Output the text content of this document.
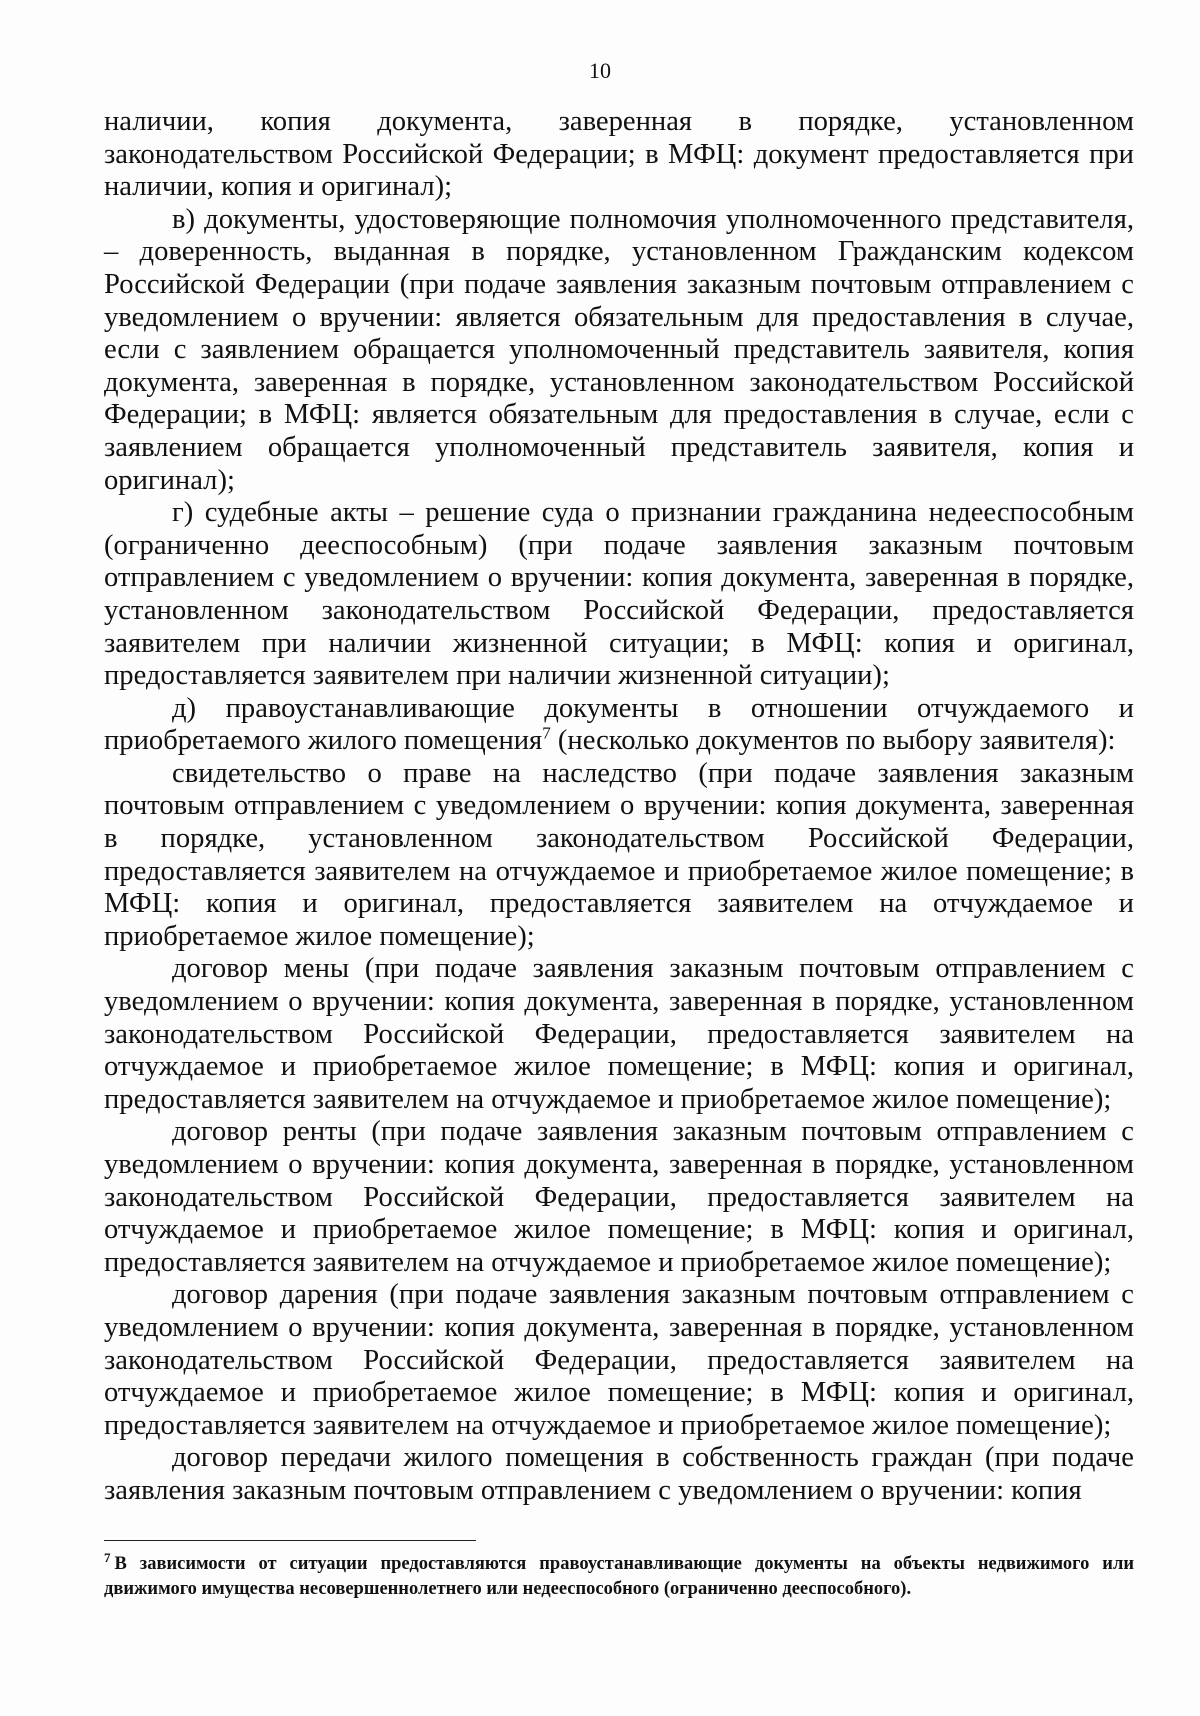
10

наличии, копия документа, заверенная в порядке, установленном законодательством Российской Федерации; в МФЦ: документ предоставляется при наличии, копия и оригинал);

в) документы, удостоверяющие полномочия уполномоченного представителя, – доверенность, выданная в порядке, установленном Гражданским кодексом Российской Федерации (при подаче заявления заказным почтовым отправлением с уведомлением о вручении: является обязательным для предоставления в случае, если с заявлением обращается уполномоченный представитель заявителя, копия документа, заверенная в порядке, установленном законодательством Российской Федерации; в МФЦ: является обязательным для предоставления в случае, если с заявлением обращается уполномоченный представитель заявителя, копия и оригинал);

г) судебные акты – решение суда о признании гражданина недееспособным (ограниченно дееспособным) (при подаче заявления заказным почтовым отправлением с уведомлением о вручении: копия документа, заверенная в порядке, установленном законодательством Российской Федерации, предоставляется заявителем при наличии жизненной ситуации; в МФЦ: копия и оригинал, предоставляется заявителем при наличии жизненной ситуации);

д) правоустанавливающие документы в отношении отчуждаемого и приобретаемого жилого помещения$^7$ (несколько документов по выбору заявителя):

свидетельство о праве на наследство (при подаче заявления заказным почтовым отправлением с уведомлением о вручении: копия документа, заверенная в порядке, установленном законодательством Российской Федерации, предоставляется заявителем на отчуждаемое и приобретаемое жилое помещение; в МФЦ: копия и оригинал, предоставляется заявителем на отчуждаемое и приобретаемое жилое помещение);

договор мены (при подаче заявления заказным почтовым отправлением с уведомлением о вручении: копия документа, заверенная в порядке, установленном законодательством Российской Федерации, предоставляется заявителем на отчуждаемое и приобретаемое жилое помещение; в МФЦ: копия и оригинал, предоставляется заявителем на отчуждаемое и приобретаемое жилое помещение);

договор ренты (при подаче заявления заказным почтовым отправлением с уведомлением о вручении: копия документа, заверенная в порядке, установленном законодательством Российской Федерации, предоставляется заявителем на отчуждаемое и приобретаемое жилое помещение; в МФЦ: копия и оригинал, предоставляется заявителем на отчуждаемое и приобретаемое жилое помещение);

договор дарения (при подаче заявления заказным почтовым отправлением с уведомлением о вручении: копия документа, заверенная в порядке, установленном законодательством Российской Федерации, предоставляется заявителем на отчуждаемое и приобретаемое жилое помещение; в МФЦ: копия и оригинал, предоставляется заявителем на отчуждаемое и приобретаемое жилое помещение);

договор передачи жилого помещения в собственность граждан (при подаче заявления заказным почтовым отправлением с уведомлением о вручении: копия

$^7$ В зависимости от ситуации предоставляются правоустанавливающие документы на объекты недвижимого или движимого имущества несовершеннолетнего или недееспособного (ограниченно дееспособного).
